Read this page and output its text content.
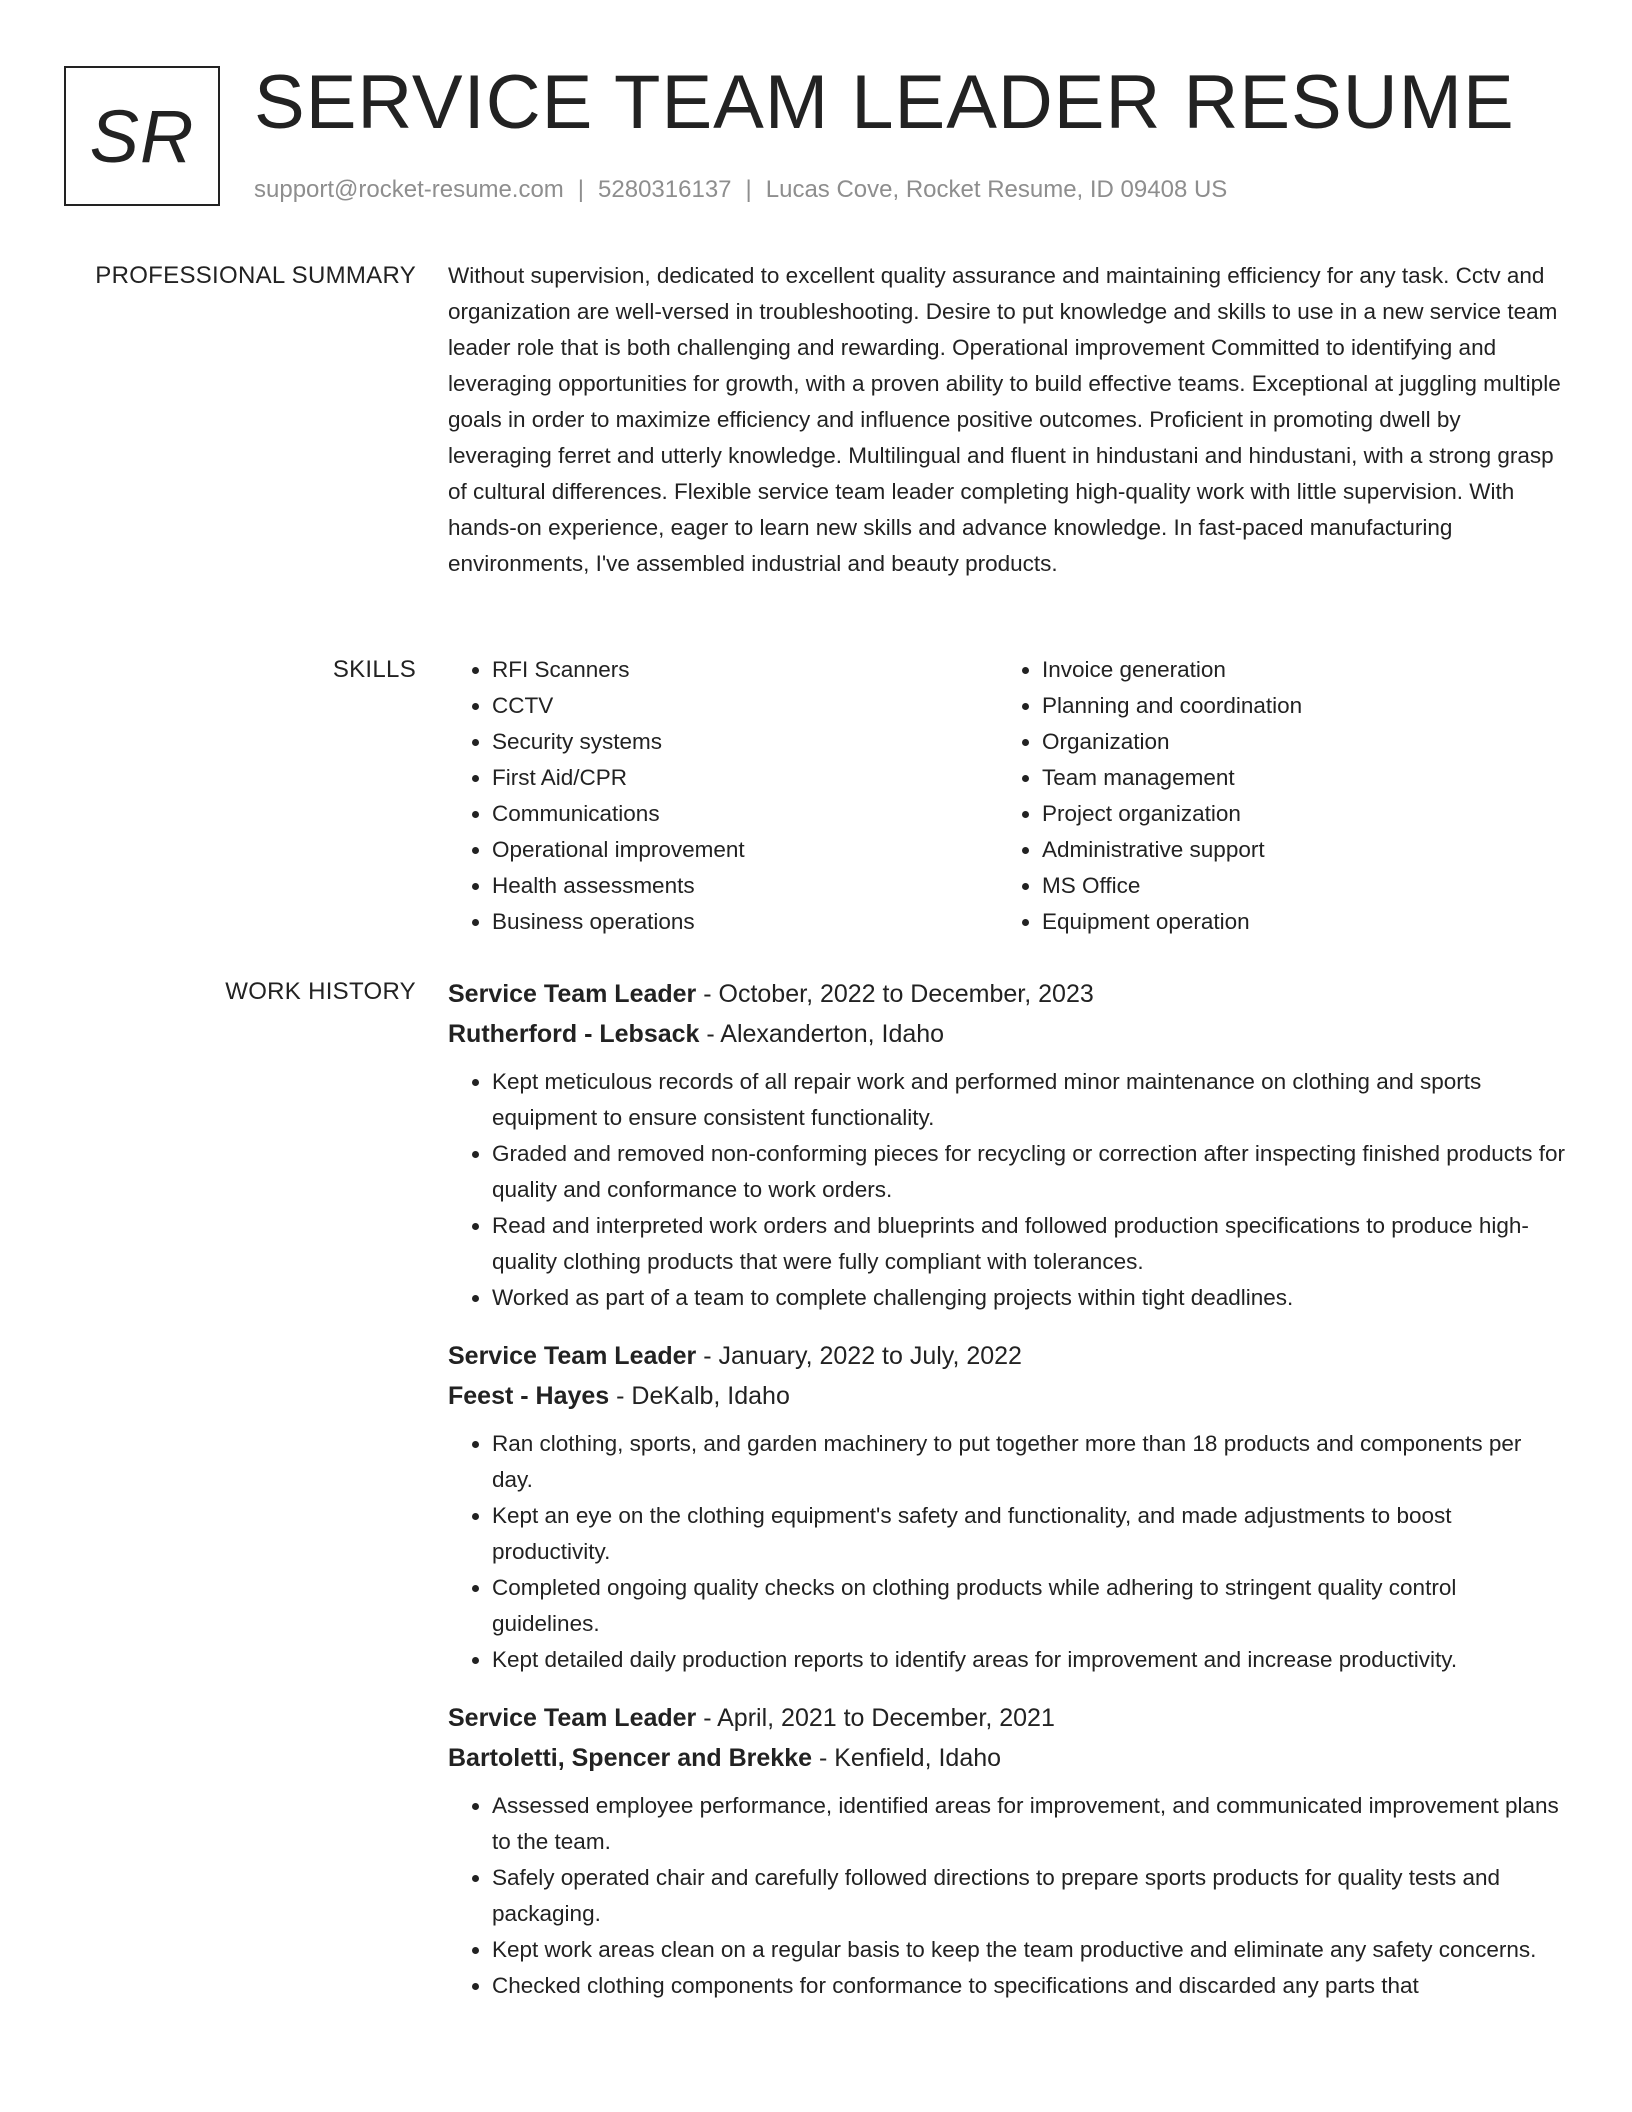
SR SERVICE TEAM LEADER RESUME
support@rocket-resume.com | 5280316137 | Lucas Cove, Rocket Resume, ID 09408 US
PROFESSIONAL SUMMARY Without supervision, dedicated to excellent quality assurance and maintaining efficiency for any task. Cctv and organization are well-versed in troubleshooting. Desire to put knowledge and skills to use in a new service team leader role that is both challenging and rewarding. Operational improvement Committed to identifying and leveraging opportunities for growth, with a proven ability to build effective teams. Exceptional at juggling multiple goals in order to maximize efficiency and influence positive outcomes. Proficient in promoting dwell by leveraging ferret and utterly knowledge. Multilingual and fluent in hindustani and hindustani, with a strong grasp of cultural differences. Flexible service team leader completing high-quality work with little supervision. With hands-on experience, eager to learn new skills and advance knowledge. In fast-paced manufacturing environments, I've assembled industrial and beauty products.

SKILLS
•	RFI Scanners
• CCTV
• Security systems
• First Aid/CPR
• Communications
• Operational improvement
• Health assessments
• Business operations
• Invoice generation
• Planning and coordination
• Organization
• Team management
• Project organization
• Administrative support
• MS Office
• Equipment operation
WORK HISTORY Service Team Leader - October, 2022 to December, 2023
Rutherford - Lebsack - Alexanderton, Idaho
• Kept meticulous records of all repair work and performed minor maintenance on clothing and sports equipment to ensure consistent functionality.
• Graded and removed non-conforming pieces for recycling or correction after inspecting finished products for quality and conformance to work orders.
• Read and interpreted work orders and blueprints and followed production specifications to produce high-quality clothing products that were fully compliant with tolerances.
• Worked as part of a team to complete challenging projects within tight deadlines.
Service Team Leader - January, 2022 to July, 2022
Feest - Hayes - DeKalb, Idaho
• Ran clothing, sports, and garden machinery to put together more than 18 products and components per day.
• Kept an eye on the clothing equipment's safety and functionality, and made adjustments to boost productivity.
• Completed ongoing quality checks on clothing products while adhering to stringent quality control guidelines.
• Kept detailed daily production reports to identify areas for improvement and increase productivity.
Service Team Leader - April, 2021 to December, 2021
Bartoletti, Spencer and Brekke - Kenfield, Idaho
• Assessed employee performance, identified areas for improvement, and communicated improvement plans to the team.
• Safely operated chair and carefully followed directions to prepare sports products for quality tests and packaging.
• Kept work areas clean on a regular basis to keep the team productive and eliminate any safety concerns.
• Checked clothing components for conformance to specifications and discarded any parts that
